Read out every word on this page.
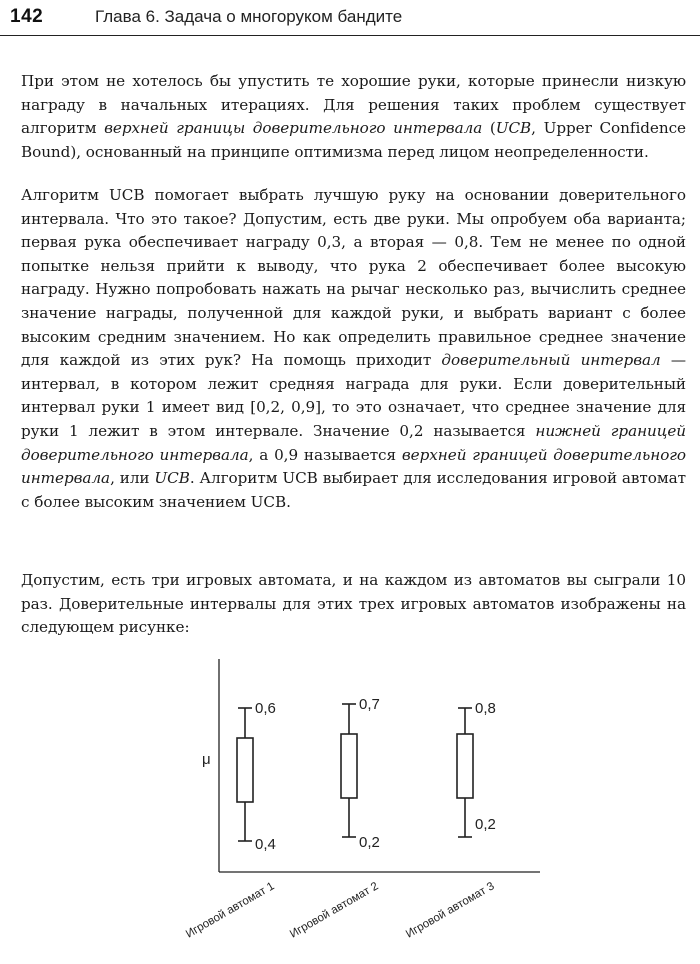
142	Глава 6. Задача о многоруком бандите

При этом не хотелось бы упустить те хорошие руки, которые принесли низкую награду в начальных итерациях. Для решения таких проблем существует алгоритм верхней границы доверительного интервала (UCB, Upper Confidence Bound), основанный на принципе оптимизма перед лицом неопределенности.

Алгоритм UCB помогает выбрать лучшую руку на основании доверительного интервала. Что это такое? Допустим, есть две руки. Мы опробуем оба варианта; первая рука обеспечивает награду 0,3, а вторая — 0,8. Тем не менее по одной попытке нельзя прийти к выводу, что рука 2 обеспечивает более высокую награду. Нужно попробовать нажать на рычаг несколько раз, вычислить среднее значение награды, полученной для каждой руки, и выбрать вариант с более высоким средним значением. Но как определить правильное среднее значение для каждой из этих рук? На помощь приходит доверительный интервал — интервал, в котором лежит средняя награда для руки. Если доверительный интервал руки 1 имеет вид [0,2, 0,9], то это означает, что среднее значение для руки 1 лежит в этом интервале. Значение 0,2 называется нижней границей доверительного интервала, а 0,9 называется верхней границей доверительного интервала, или UCB. Алгоритм UCB выбирает для исследования игровой автомат с более высоким значением UCB.

Допустим, есть три игровых автомата, и на каждом из автоматов вы сыграли 10 раз. Доверительные интервалы для этих трех игровых автоматов изображены на следующем рисунке:

μ
0,6
0,4
Игровой автомат 1
0,7
0,2
Игровой автомат 2
0,8
0,2
Игровой автомат 3
